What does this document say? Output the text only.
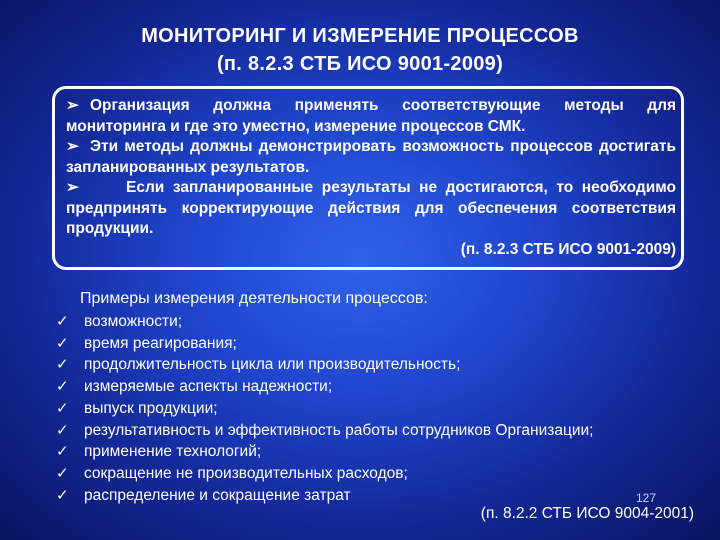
МОНИТОРИНГ И ИЗМЕРЕНИЕ ПРОЦЕССОВ
(п. 8.2.3 СТБ ИСО 9001-2009)

➢ Организация должна применять соответствующие методы для мониторинга и где это уместно, измерение процессов СМК.

➢ Эти методы должны демонстрировать возможность процессов достигать запланированных результатов.

➢	Если запланированные результаты не достигаются, то необходимо предпринять корректирующие действия для обеспечения соответствия продукции.

(п. 8.2.3 СТБ ИСО 9001-2009)

Примеры измерения деятельности процессов:
✓ возможности;
✓ время реагирования;
✓ продолжительность цикла или производительность;
✓ измеряемые аспекты надежности;
✓ выпуск продукции;
✓ результативность и эффективность работы сотрудников Организации;
✓ применение технологий;
✓ сокращение не производительных расходов;
✓ распределение и сокращение затрат	127
(п. 8.2.2 СТБ ИСО 9004-2001)
